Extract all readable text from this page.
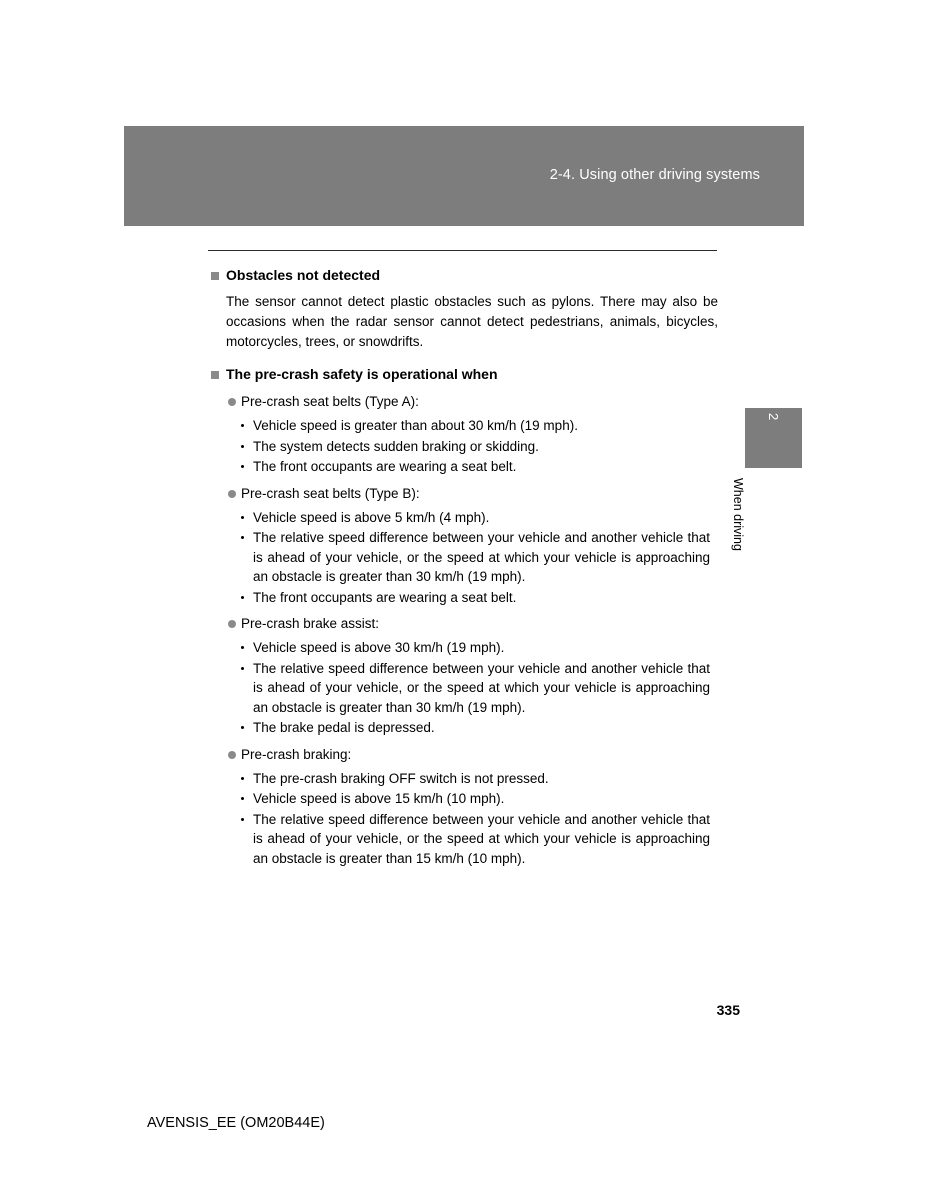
2-4. Using other driving systems
Obstacles not detected

The sensor cannot detect plastic obstacles such as pylons. There may also be occasions when the radar sensor cannot detect pedestrians, animals, bicycles, motorcycles, trees, or snowdrifts.

The pre-crash safety is operational when
Pre-crash seat belts (Type A):
Vehicle speed is greater than about 30 km/h (19 mph).
The system detects sudden braking or skidding.
The front occupants are wearing a seat belt.
Pre-crash seat belts (Type B):
Vehicle speed is above 5 km/h (4 mph).
The relative speed difference between your vehicle and another vehicle that is ahead of your vehicle, or the speed at which your vehicle is approaching an obstacle is greater than 30 km/h (19 mph).
The front occupants are wearing a seat belt.
Pre-crash brake assist:
Vehicle speed is above 30 km/h (19 mph).
The relative speed difference between your vehicle and another vehicle that is ahead of your vehicle, or the speed at which your vehicle is approaching an obstacle is greater than 30 km/h (19 mph).
The brake pedal is depressed.
Pre-crash braking:
The pre-crash braking OFF switch is not pressed.
Vehicle speed is above 15 km/h (10 mph).
The relative speed difference between your vehicle and another vehicle that is ahead of your vehicle, or the speed at which your vehicle is approaching an obstacle is greater than 15 km/h (10 mph).
2
When driving
335
AVENSIS_EE (OM20B44E)
